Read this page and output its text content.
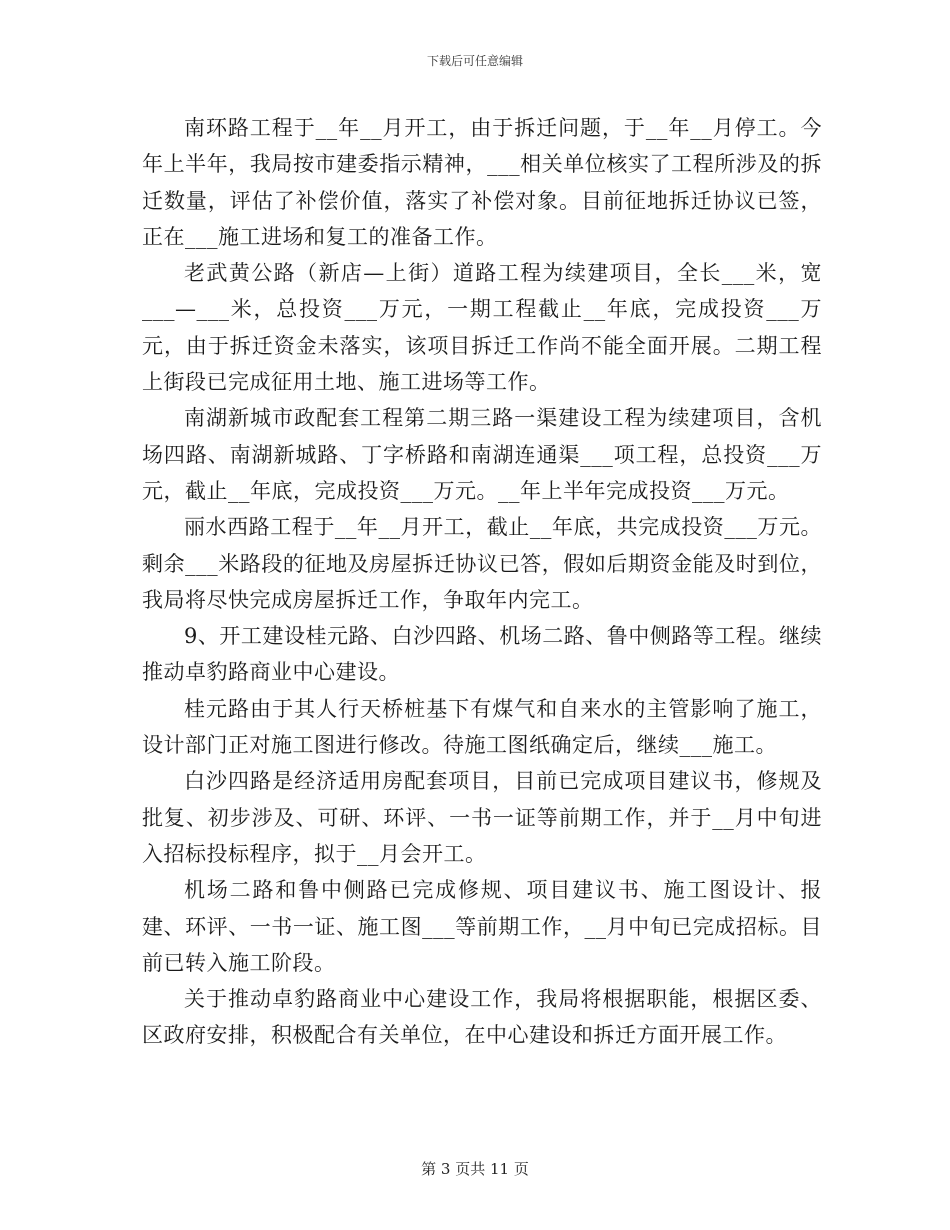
下载后可任意编辑

南环路工程于__年__月开工，由于拆迁问题，于__年__月停工。今年上半年，我局按市建委指示精神，___相关单位核实了工程所涉及的拆迁数量，评估了补偿价值，落实了补偿对象。目前征地拆迁协议已签，正在___施工进场和复工的准备工作。

老武黄公路（新店—上街）道路工程为续建项目，全长___米，宽___—___米，总投资___万元，一期工程截止__年底，完成投资___万元，由于拆迁资金未落实，该项目拆迁工作尚不能全面开展。二期工程上街段已完成征用土地、施工进场等工作。

南湖新城市政配套工程第二期三路一渠建设工程为续建项目，含机场四路、南湖新城路、丁字桥路和南湖连通渠___项工程，总投资___万元，截止__年底，完成投资___万元。__年上半年完成投资___万元。

丽水西路工程于__年__月开工，截止__年底，共完成投资___万元。剩余___米路段的征地及房屋拆迁协议已答，假如后期资金能及时到位，我局将尽快完成房屋拆迁工作，争取年内完工。

9、开工建设桂元路、白沙四路、机场二路、鲁中侧路等工程。继续推动卓豹路商业中心建设。

桂元路由于其人行天桥桩基下有煤气和自来水的主管影响了施工，设计部门正对施工图进行修改。待施工图纸确定后，继续___施工。

白沙四路是经济适用房配套项目，目前已完成项目建议书，修规及批复、初步涉及、可研、环评、一书一证等前期工作，并于__月中旬进入招标投标程序，拟于__月会开工。

机场二路和鲁中侧路已完成修规、项目建议书、施工图设计、报建、环评、一书一证、施工图___等前期工作，__月中旬已完成招标。目前已转入施工阶段。

关于推动卓豹路商业中心建设工作，我局将根据职能，根据区委、区政府安排，积极配合有关单位，在中心建设和拆迁方面开展工作。

第 3 页共 11 页
